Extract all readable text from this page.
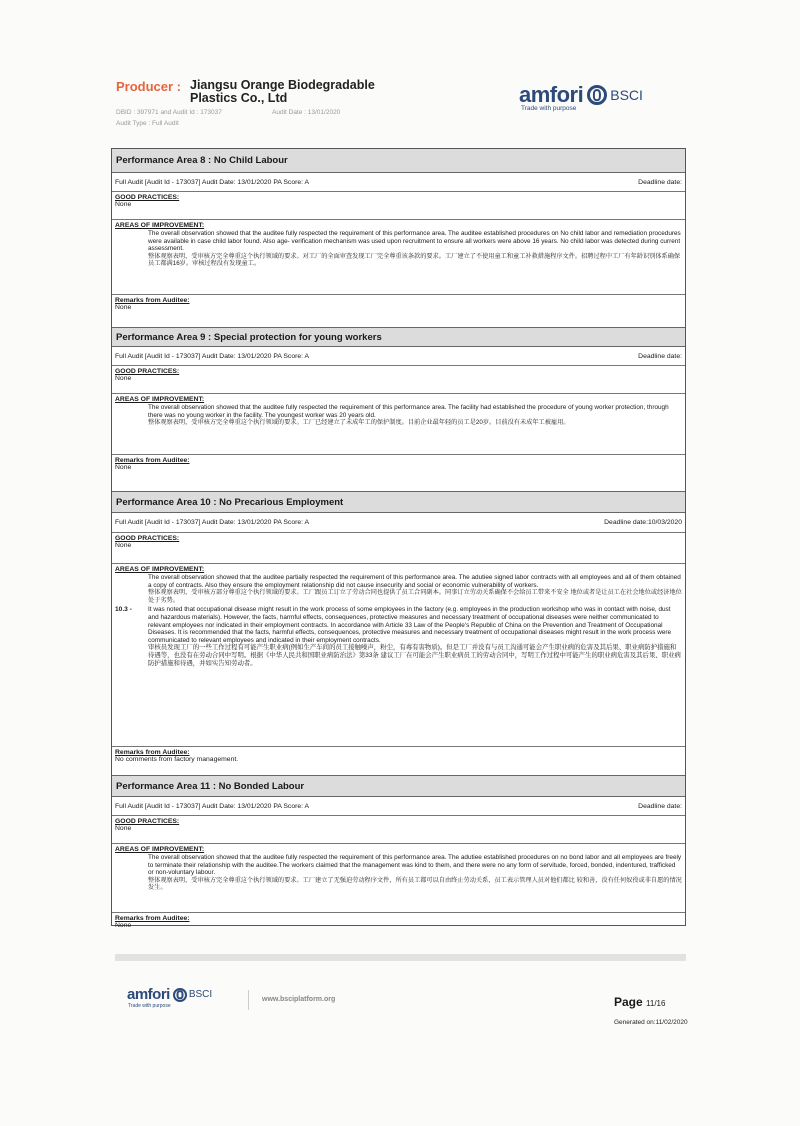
Producer : Jiangsu Orange Biodegradable Plastics Co., Ltd
DBID : 397971 and Audit Id : 173037	Audit Date : 13/01/2020
Audit Type : Full Audit
amfori BSCI
Trade with purpose
Performance Area 8 : No Child Labour
Full Audit [Audit Id - 173037] Audit Date: 13/01/2020 PA Score: A	Deadline date:
GOOD PRACTICES:
None
AREAS OF IMPROVEMENT:
The overall observation showed that the auditee fully respected the requirement of this performance area. The auditee established procedures on No child labor and remediation procedures were available in case child labor found. Also age- verification mechanism was used upon recruitment to ensure all workers were above 16 years. No child labor was detected during current assessment.
整体观察表明，受审核方完全尊重这个执行领域的要求。对工厂的全面审查发现工厂完全尊重该条款的要求。工厂建立了不使用童工和童工补救措施程序文件。招聘过程中工厂有年龄识别体系确保员工都满16岁。审核过程没有发现童工。
Remarks from Auditee:
None
Performance Area 9 : Special protection for young workers
Full Audit [Audit Id - 173037] Audit Date: 13/01/2020 PA Score: A	Deadline date:
GOOD PRACTICES:
None
AREAS OF IMPROVEMENT:
The overall observation showed that the auditee fully respected the requirement of this performance area. The facility had established the procedure of young worker protection, through there was no young worker in the facility. The youngest worker was 20 years old.
整体观察表明，受审核方完全尊重这个执行领域的要求。工厂已经建立了未成年工的保护制度。目前企业最年轻的员工是20岁。目前没有未成年工被雇用。
Remarks from Auditee:
None
Performance Area 10 : No Precarious Employment
Full Audit [Audit Id - 173037] Audit Date: 13/01/2020 PA Score: A	Deadline date:10/03/2020
GOOD PRACTICES:
None
AREAS OF IMPROVEMENT:
The overall observation showed that the auditee partially respected the requirement of this performance area. The adutiee signed labor contracts with all employees and all of them obtained a copy of contracts. Also they ensure the employment relationship did not cause insecurity and social or economic vulnerability of workers.
整体观察表明，受审核方部分尊重这个执行领域的要求。工厂跟员工订立了劳动合同也提供了员工合同副本。同事订立劳动关系确保不会给员工带来不安全 地位或者是让员工在社会地位或经济地位处于劣势。
10.3 -	It was noted that occupational disease might result in the work process of some employees in the factory (e.g. employees in the production workshop who was in contact with noise, dust and hazardous materials). However, the facts, harmful effects, consequences, protective measures and necessary treatment of occupational diseases were neither communicated to relevant employees nor indicated in their employment contracts. In accordance with Article 33 Law of the People's Republic of China on the Prevention and Treatment of Occupational Diseases. It is recommended that the facts, harmful effects, consequences, protective measures and necessary treatment of occupational diseases might result in the work process were communicated to relevant employees and indicated in their employment contracts.
审核员发现工厂的一些工作过程有可能产生职业病(例如生产车间的员工接触噪声，粉尘，有毒有害物质)。但是工厂并没有与员工沟通可能会产生职业病的危害及其后果、职业病防护措施和待遇等，也没有在劳动合同中写明。根据《中华人民共和国职业病防治法》第33条 建议工厂在可能会产生职业病员工的劳动合同中，写明工作过程中可能产生的职业病危害及其后果、职业病防护措施和待遇，并如实告知劳动者。
Remarks from Auditee:
No comments from factory management.
Performance Area 11 : No Bonded Labour
Full Audit [Audit Id - 173037] Audit Date: 13/01/2020 PA Score: A	Deadline date:
GOOD PRACTICES:
None
AREAS OF IMPROVEMENT:
The overall observation showed that the auditee fully respected the requirement of this performance area. The adutiee established procedures on no bond labor and all employees are freely to terminate their relationship with the auditee.The workers claimed that the management was kind to them, and there were no any form of servitude, forced, bonded, indentured, trafficked or non-voluntary labour.
整体观察表明，受审核方完全尊重这个执行领域的要求。工厂建立了无强迫劳动程序文件，所有员工都可以自由终止劳动关系，员工表示管理人员对他们都比 较和善，没有任何奴役或非自愿的情况发生。
Remarks from Auditee:
None
amfori BSCI
Trade with purpose
www.bsciplatform.org	Page 11/16
Generated on:11/02/2020
